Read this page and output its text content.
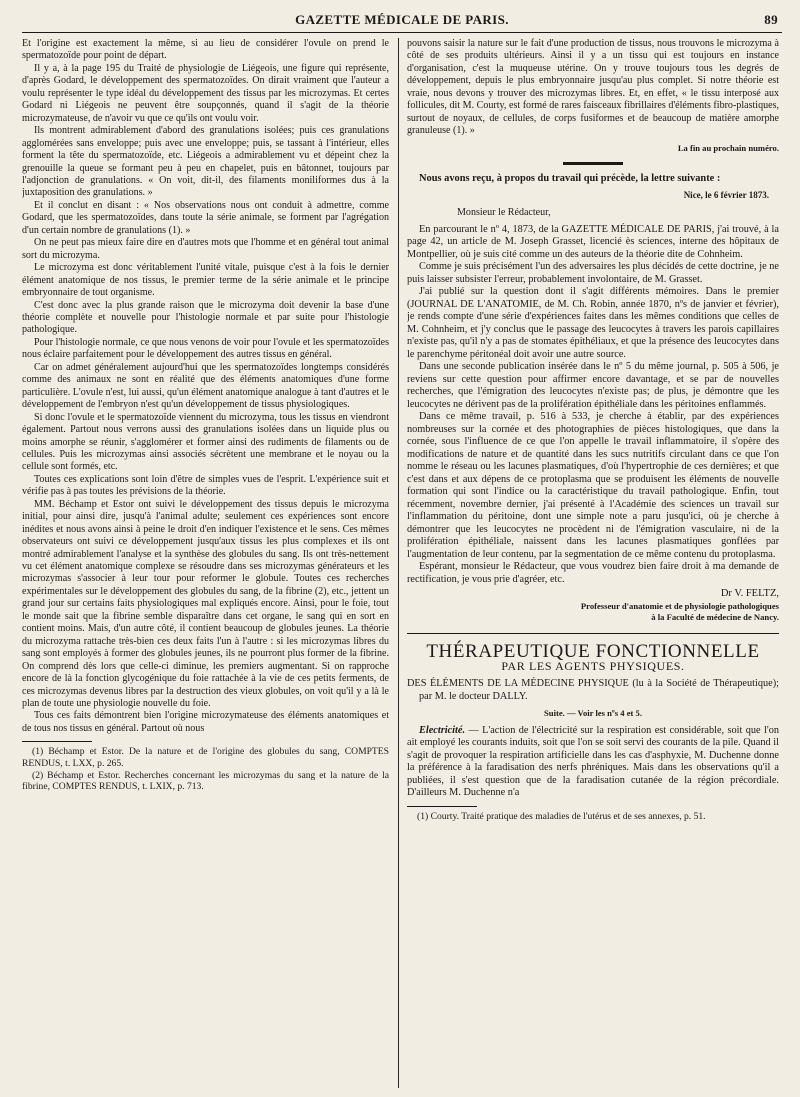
GAZETTE MÉDICALE DE PARIS.	89

Et l'origine est exactement la même, si au lieu de considérer l'ovule on prend le spermatozoïde pour point de départ.

Il y a, à la page 195 du Traité de physiologie de Liégeois, une figure qui représente, d'après Godard, le développement des spermatozoïdes. On dirait vraiment que l'auteur a voulu représenter le type idéal du développement des tissus par les microzymas. Et certes Godard ni Liégeois ne peuvent être soupçonnés, quand il s'agit de la théorie microzymateuse, de n'avoir vu que ce qu'ils ont voulu voir.

Ils montrent admirablement d'abord des granulations isolées; puis ces granulations agglomérées sans enveloppe; puis avec une enveloppe; puis, se tassant à l'intérieur, elles forment la tête du spermatozoïde, etc. Liégeois a admirablement vu et dépeint chez la grenouille la queue se formant peu à peu en chapelet, puis en bâtonnet, toujours par l'adjonction de granulations. « On voit, dit-il, des filaments moniliformes dus à la juxtaposition des granulations. »

Et il conclut en disant : « Nos observations nous ont conduit à admettre, comme Godard, que les spermatozoïdes, dans toute la série animale, se forment par l'agrégation d'un certain nombre de granulations (1). »

On ne peut pas mieux faire dire en d'autres mots que l'homme et en général tout animal sort du microzyma.

Le microzyma est donc véritablement l'unité vitale, puisque c'est à la fois le dernier élément anatomique de nos tissus, le premier terme de la série animale et le principe embryonnaire de tout organisme.

C'est donc avec la plus grande raison que le microzyma doit devenir la base d'une théorie complète et nouvelle pour l'histologie normale et par suite pour l'histologie pathologique.

Pour l'histologie normale, ce que nous venons de voir pour l'ovule et les spermatozoïdes nous éclaire parfaitement pour le développement des autres tissus en général.

Car on admet généralement aujourd'hui que les spermatozoïdes longtemps considérés comme des animaux ne sont en réalité que des éléments anatomiques d'une forme particulière. L'ovule n'est, lui aussi, qu'un élément anatomique analogue à tant d'autres et le développement de l'embryon n'est qu'un développement de tissus physiologiques.

Si donc l'ovule et le spermatozoïde viennent du microzyma, tous les tissus en viendront également. Partout nous verrons aussi des granulations isolées dans un liquide plus ou moins amorphe se réunir, s'agglomérer et former ainsi des rudiments de filaments ou de cellules. Puis les microzymas ainsi associés sécrètent une membrane et le noyau ou la cellule sont formés, etc.

Toutes ces explications sont loin d'être de simples vues de l'esprit. L'expérience suit et vérifie pas à pas toutes les prévisions de la théorie.

MM. Béchamp et Estor ont suivi le développement des tissus depuis le microzyma initial, pour ainsi dire, jusqu'à l'animal adulte; seulement ces expériences sont encore inédites et nous avons ainsi à peine le droit d'en indiquer l'existence et le sens. Ces mêmes observateurs ont suivi ce développement jusqu'aux tissus les plus complexes et ils ont montré admirablement l'analyse et la synthèse des globules du sang. Ils ont très-nettement vu cet élément anatomique complexe se résoudre dans ses microzymas générateurs et les microzymas s'associer à leur tour pour reformer le globule. Toutes ces recherches expérimentales sur le développement des globules du sang, de la fibrine (2), etc., jettent un grand jour sur certains faits physiologiques mal expliqués encore. Ainsi, pour le foie, tout le monde sait que la fibrine semble disparaître dans cet organe, le sang qui en sort en contient moins. Mais, d'un autre côté, il contient beaucoup de globules jeunes. La théorie du microzyma rattache très-bien ces deux faits l'un à l'autre : si les microzymas libres du sang sont employés à former des globules jeunes, ils ne pourront plus former de la fibrine. On comprend dès lors que celle-ci diminue, les premiers augmentant. Si on rapproche encore de là la fonction glycogénique du foie rattachée à la vie de ces petits ferments, de ces microzymas devenus libres par la destruction des vieux globules, on voit qu'il y a là le plan de toute une physiologie nouvelle du foie.

Tous ces faits démontrent bien l'origine microzymateuse des éléments anatomiques et de tous nos tissus en général. Partout où nous

(1) Béchamp et Estor. De la nature et de l'origine des globules du sang, COMPTES RENDUS, t. LXX, p. 265.

(2) Béchamp et Estor. Recherches concernant les microzymas du sang et la nature de la fibrine, COMPTES RENDUS, t. LXIX, p. 713.

pouvons saisir la nature sur le fait d'une production de tissus, nous trouvons le microzyma à côté de ses produits ultérieurs. Ainsi il y a un tissu qui est toujours en instance d'organisation, c'est la muqueuse utérine. On y trouve toujours tous les degrés de développement, depuis le plus embryonnaire jusqu'au plus complet. Si notre théorie est vraie, nous devons y trouver des microzymas libres. Et, en effet, « le tissu interposé aux follicules, dit M. Courty, est formé de rares faisceaux fibrillaires d'éléments fibro-plastiques, surtout de noyaux, de cellules, de corps fusiformes et de beaucoup de matière amorphe granuleuse (1). »

La fin au prochain numéro.

Nous avons reçu, à propos du travail qui précède, la lettre suivante :

Nice, le 6 février 1873.

Monsieur le Rédacteur,

En parcourant le nº 4, 1873, de la GAZETTE MÉDICALE DE PARIS, j'ai trouvé, à la page 42, un article de M. Joseph Grasset, licencié ès sciences, interne des hôpitaux de Montpellier, où je suis cité comme un des auteurs de la théorie dite de Cohnheim.

Comme je suis précisément l'un des adversaires les plus décidés de cette doctrine, je ne puis laisser subsister l'erreur, probablement involontaire, de M. Grasset.

J'ai publié sur la question dont il s'agit différents mémoires. Dans le premier (JOURNAL DE L'ANATOMIE, de M. Ch. Robin, année 1870, nºs de janvier et février), je rends compte d'une série d'expériences faites dans les mêmes conditions que celles de M. Cohnheim, et j'y conclus que le passage des leucocytes à travers les parois capillaires n'existe pas, qu'il n'y a pas de stomates épithéliaux, et que la présence des leucocytes dans le parenchyme péritonéal doit avoir une autre source.

Dans une seconde publication insérée dans le nº 5 du même journal, p. 505 à 506, je reviens sur cette question pour affirmer encore davantage, et se par de nouvelles recherches, que l'émigration des leucocytes n'existe pas; de plus, je démontre que les leucocytes ne dérivent pas de la prolifération épithéliale dans les péritoines enflammés.

Dans ce même travail, p. 516 à 533, je cherche à établir, par des expériences nombreuses sur la cornée et des photographies de pièces histologiques, que dans la cornée, sous l'influence de ce que l'on appelle le travail inflammatoire, il s'opère des modifications de nature et de quantité dans les sucs nutritifs circulant dans ce que l'on nomme le réseau ou les lacunes plasmatiques, d'où l'hypertrophie de ces dernières; et que c'est dans et aux dépens de ce protoplasma que se produisent les éléments de nouvelle formation qui sont l'indice ou la caractéristique du travail pathologique. Enfin, tout récemment, novembre dernier, j'ai présenté à l'Académie des sciences un travail sur l'inflammation du péritoine, dont une simple note a paru jusqu'ici, où je cherche à démontrer que les leucocytes ne procèdent ni de l'émigration vasculaire, ni de la prolifération épithéliale, naissent dans les lacunes plasmatiques gonflées par l'augmentation de leur contenu, par la segmentation de ce même contenu du protoplasma.

Espérant, monsieur le Rédacteur, que vous voudrez bien faire droit à ma demande de rectification, je vous prie d'agréer, etc.

Dr V. FELTZ,
Professeur d'anatomie et de physiologie pathologiques
à la Faculté de médecine de Nancy.
THÉRAPEUTIQUE FONCTIONNELLE
PAR LES AGENTS PHYSIQUES.

DES ÉLÉMENTS DE LA MÉDECINE PHYSIQUE (lu à la Société de Thérapeutique); par M. le docteur DALLY.

Suite. — Voir les nºs 4 et 5.

Electricité. — L'action de l'électricité sur la respiration est considérable, soit que l'on ait employé les courants induits, soit que l'on se soit servi des courants de la pile. Quand il s'agit de provoquer la respiration artificielle dans les cas d'asphyxie, M. Duchenne donne la préférence à la faradisation des nerfs phréniques. Mais dans les observations qu'il a publiées, il s'est question que de la faradisation cutanée de la région précordiale. D'ailleurs M. Duchenne n'a

(1) Courty. Traité pratique des maladies de l'utérus et de ses annexes, p. 51.
